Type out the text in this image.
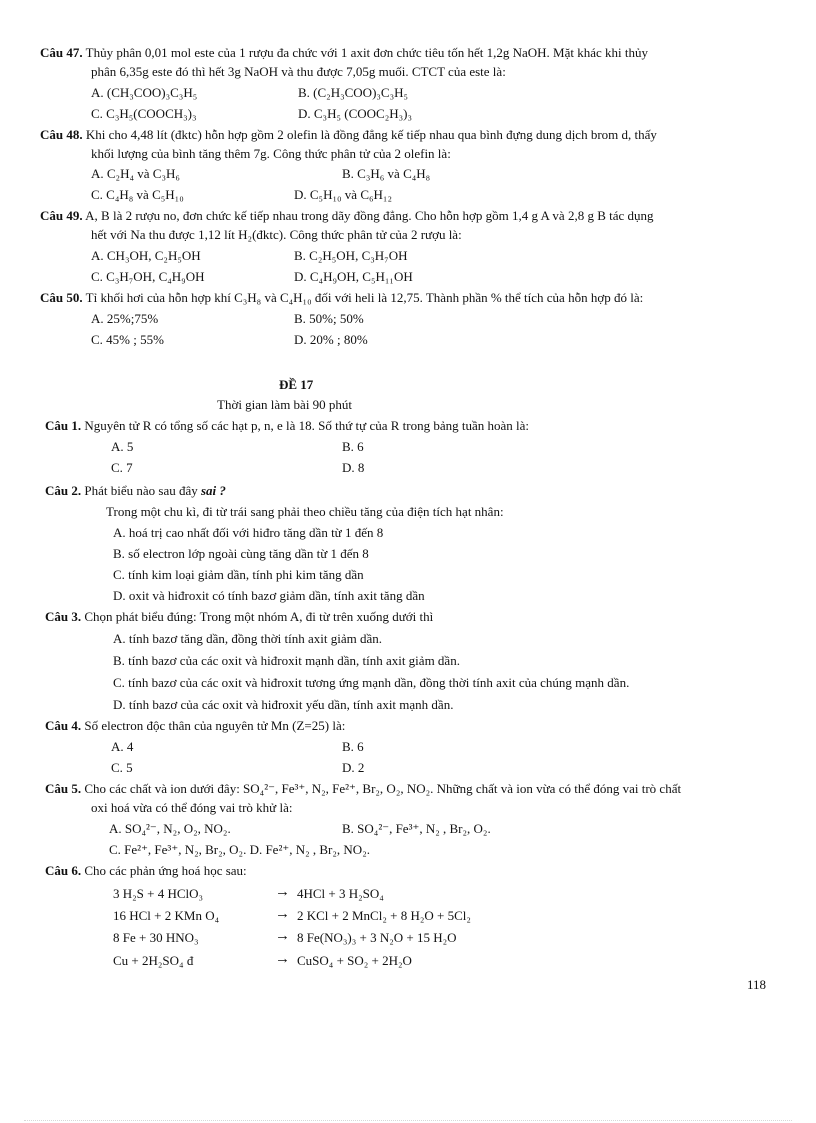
Câu 47. Thủy phân 0,01 mol este của 1 rượu đa chức với 1 axit đơn chức tiêu tốn hết 1,2g NaOH. Mặt khác khi thủy
phân 6,35g este đó thì hết 3g NaOH và thu được 7,05g muối. CTCT của este là:
A. (CH₃COO)₃C₃H₅	B. (C₂H₃COO)₃C₃H₅
C. C₃H₅(COOCH₃)₃	D. C₃H₅ (COOC₂H₃)₃
Câu 48. Khi cho 4,48 lít (đktc) hỗn hợp gồm 2 olefin là đồng đẳng kế tiếp nhau qua bình đựng dung dịch brom d, thấy
khối lượng của bình tăng thêm 7g. Công thức phân tử của 2 olefin là:
A. C₂H₄ và C₃H₆	B. C₃H₆ và C₄H₈
C. C₄H₈ và C₅H₁₀	D. C₅H₁₀ và C₆H₁₂
Câu 49. A, B là 2 rượu no, đơn chức kế tiếp nhau trong dãy đồng đẳng. Cho hỗn hợp gồm 1,4 g A và 2,8 g B tác dụng
hết với Na thu được 1,12 lít H₂(đktc). Công thức phân tử của 2 rượu là:
A. CH₃OH, C₂H₅OH	B. C₂H₅OH, C₃H₇OH
C. C₃H₇OH, C₄H₉OH	D. C₄H₉OH, C₅H₁₁OH
Câu 50. Tỉ khối hơi của hỗn hợp khí C₃H₈ và C₄H₁₀ đối với heli là 12,75. Thành phần % thể tích của hỗn hợp đó là:
A. 25%;75%	B. 50%; 50%
C. 45% ; 55%	D. 20% ; 80%
ĐỀ 17
Thời gian làm bài 90 phút
Câu 1. Nguyên tử R có tổng số các hạt p, n, e là 18. Số thứ tự của R trong bảng tuần hoàn là:
A. 5	B. 6
C. 7	D. 8
Câu 2. Phát biểu nào sau đây sai ?
Trong một chu kì, đi từ trái sang phải theo chiều tăng của điện tích hạt nhân:
A. hoá trị cao nhất đối với hiđro tăng dần từ 1 đến 8
B. số electron lớp ngoài cùng tăng dần từ 1 đến 8
C. tính kim loại giảm dần, tính phi kim tăng dần
D. oxit và hiđroxit có tính bazơ giảm dần, tính axit tăng dần
Câu 3. Chọn phát biểu đúng: Trong một nhóm A, đi từ trên xuống dưới thì
A. tính bazơ tăng dần, đồng thời tính axit giảm dần.
B. tính bazơ của các oxit và hiđroxit mạnh dần, tính axit giảm dần.
C. tính bazơ của các oxit và hiđroxit tương ứng mạnh dần, đồng thời tính axit của chúng mạnh dần.
D. tính bazơ của các oxit và hiđroxit yếu dần, tính axit mạnh dần.
Câu 4. Số electron độc thân của nguyên tử Mn (Z=25) là:
A. 4	B. 6
C. 5	D. 2
Câu 5. Cho các chất và ion dưới đây: SO₄²⁻, Fe³⁺, N₂, Fe²⁺, Br₂, O₂, NO₂. Những chất và ion vừa có thể đóng vai trò chất
oxi hoá vừa có thể đóng vai trò khử là:
A. SO₄²⁻, N₂, O₂, NO₂.	B. SO₄²⁻, Fe³⁺, N₂ , Br₂, O₂.
C. Fe²⁺, Fe³⁺, N₂, Br₂, O₂. D. Fe²⁺, N₂ , Br₂, NO₂.
Câu 6. Cho các phản ứng hoá học sau:
3 H₂S + 4 HClO₃	→ 4HCl + 3 H₂SO₄
16 HCl + 2 KMn O₄	→ 2 KCl + 2 MnCl₂ + 8 H₂O + 5Cl₂
8 Fe + 30 HNO₃	→ 8 Fe(NO₃)₃ + 3 N₂O + 15 H₂O
Cu + 2H₂SO₄ đ	→ CuSO₄ + SO₂ + 2H₂O
118
